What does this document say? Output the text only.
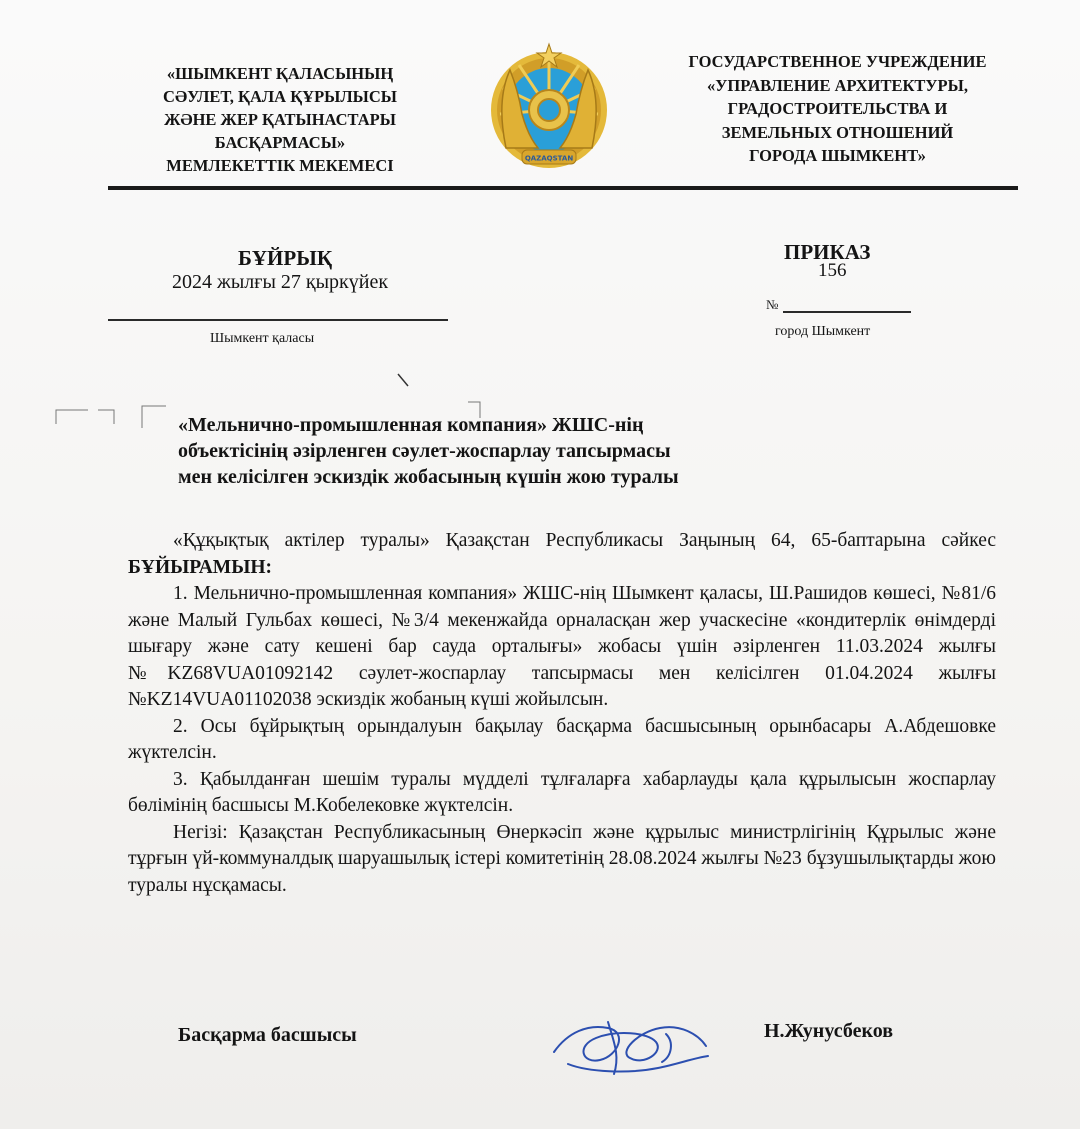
«ШЫМКЕНТ ҚАЛАСЫНЫҢ
СӘУЛЕТ, ҚАЛА ҚҰРЫЛЫСЫ
ЖӘНЕ ЖЕР ҚАТЫНАСТАРЫ
БАСҚАРМАСЫ»
МЕМЛЕКЕТТІК МЕКЕМЕСІ	QAZAQSTAN
ГОСУДАРСТВЕННОЕ УЧРЕЖДЕНИЕ
«УПРАВЛЕНИЕ АРХИТЕКТУРЫ,
ГРАДОСТРОИТЕЛЬСТВА И
ЗЕМЕЛЬНЫХ ОТНОШЕНИЙ
ГОРОДА ШЫМКЕНТ»
БҰЙРЫҚ	ПРИКАЗ
156
2024 жылғы 27 қыркүйек
№
Шымкент қаласы	город Шымкент
«Мельнично-промышленная компания» ЖШС-нің
объектісінің әзірленген сәулет-жоспарлау тапсырмасы
мен келісілген эскиздік жобасының күшін жою туралы

«Құқықтық актілер туралы» Қазақстан Республикасы Заңының 64, 65-баптарына сәйкес БҰЙЫРАМЫН:

1. Мельнично-промышленная компания» ЖШС-нің Шымкент қаласы, Ш.Рашидов көшесі, №81/6 және Малый Гульбах көшесі, №3/4 мекенжайда орналасқан жер учаскесіне «кондитерлік өнімдерді шығару және сату кешені бар сауда орталығы» жобасы үшін әзірленген 11.03.2024 жылғы №KZ68VUA01092142 сәулет-жоспарлау тапсырмасы мен келісілген 01.04.2024 жылғы №KZ14VUA01102038 эскиздік жобаның күші жойылсын.

2. Осы бұйрықтың орындалуын бақылау басқарма басшысының орынбасары А.Абдешовке жүктелсін.

3. Қабылданған шешім туралы мүдделі тұлғаларға хабарлауды қала құрылысын жоспарлау бөлімінің басшысы М.Кобелековке жүктелсін.

Негізі: Қазақстан Республикасының Өнеркәсіп және құрылыс министрлігінің Құрылыс және тұрғын үй-коммуналдық шаруашылық істері комитетінің 28.08.2024 жылғы №23 бұзушылықтарды жою туралы нұсқамасы.

Басқарма басшысы	Н.Жунусбеков
